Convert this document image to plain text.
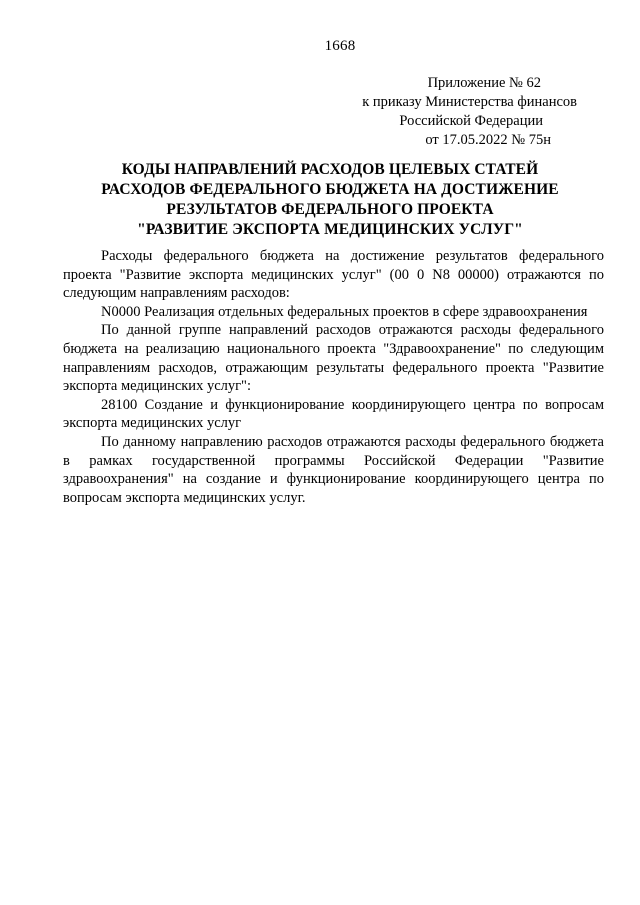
1668
Приложение № 62
к приказу Министерства финансов
Российской Федерации
от 17.05.2022 № 75н
КОДЫ НАПРАВЛЕНИЙ РАСХОДОВ ЦЕЛЕВЫХ СТАТЕЙ
РАСХОДОВ ФЕДЕРАЛЬНОГО БЮДЖЕТА НА ДОСТИЖЕНИЕ
РЕЗУЛЬТАТОВ ФЕДЕРАЛЬНОГО ПРОЕКТА
"РАЗВИТИЕ ЭКСПОРТА МЕДИЦИНСКИХ УСЛУГ"

Расходы федерального бюджета на достижение результатов федерального проекта "Развитие экспорта медицинских услуг" (00 0 N8 00000) отражаются по следующим направлениям расходов:

N0000 Реализация отдельных федеральных проектов в сфере здравоохранения

По данной группе направлений расходов отражаются расходы федерального бюджета на реализацию национального проекта "Здравоохранение" по следующим направлениям расходов, отражающим результаты федерального проекта "Развитие экспорта медицинских услуг":

28100 Создание и функционирование координирующего центра по вопросам экспорта медицинских услуг

По данному направлению расходов отражаются расходы федерального бюджета в рамках государственной программы Российской Федерации "Развитие здравоохранения" на создание и функционирование координирующего центра по вопросам экспорта медицинских услуг.
